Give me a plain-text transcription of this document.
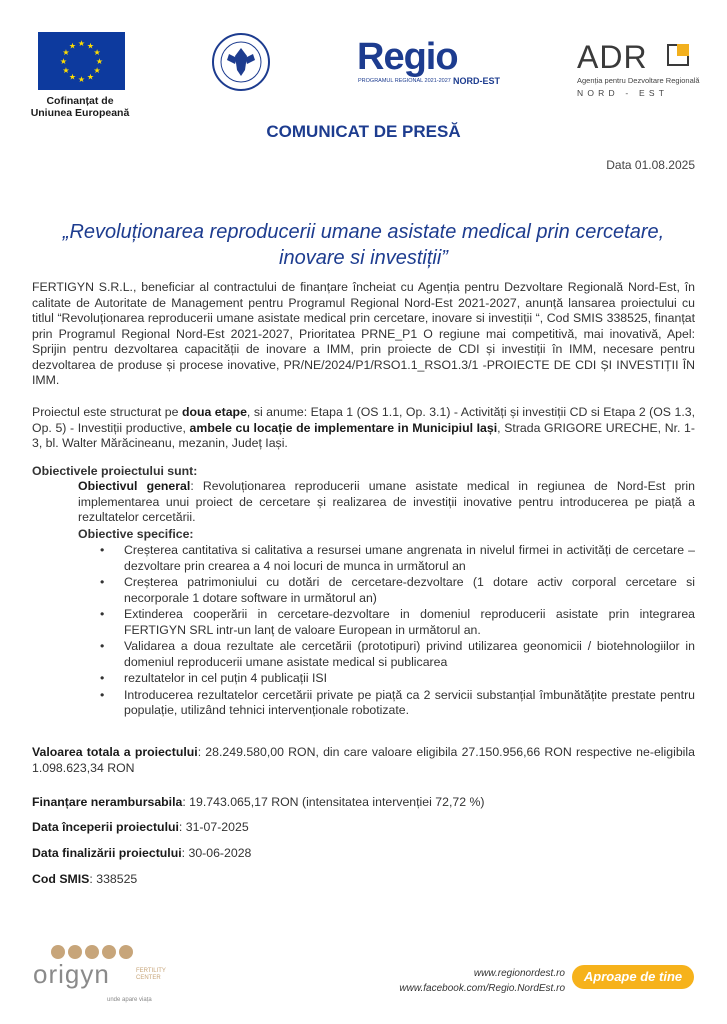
★ ★
★
★
★
★
★
★
★
★
★
★
Cofinanțat de
Uniunea Europeană
Regio
PROGRAMUL REGIONAL 2021-2027 NORD-EST
ADR
Agenția pentru Dezvoltare Regională
NORD - EST
COMUNICAT DE PRESĂ
Data 01.08.2025
„Revoluționarea reproducerii umane asistate medical prin cercetare, inovare si investiții”
FERTIGYN S.R.L., beneficiar al contractului de finanțare încheiat cu Agenția pentru Dezvoltare Regională Nord-Est, în calitate de Autoritate de Management pentru Programul Regional Nord-Est 2021-2027, anunță lansarea proiectului cu titlul “Revoluționarea reproducerii umane asistate medical prin cercetare, inovare si investiții “, Cod SMIS 338525, finanțat prin Programul Regional Nord-Est 2021-2027, Prioritatea PRNE_P1 O regiune mai competitivă, mai inovativă, Apel: Sprijin pentru dezvoltarea capacității de inovare a IMM, prin proiecte de CDI și investiții în IMM, necesare pentru dezvoltarea de produse și procese inovative, PR/NE/2024/P1/RSO1.1_RSO1.3/1 -PROIECTE DE CDI ȘI INVESTIȚII ÎN IMM.
Proiectul este structurat pe doua etape, si anume: Etapa 1 (OS 1.1, Op. 3.1) - Activități și investiții CD si Etapa 2 (OS 1.3, Op. 5) - Investiții productive, ambele cu locație de implementare in Municipiul Iași, Strada GRIGORE URECHE, Nr. 1-3, bl. Walter Mărăcineanu, mezanin, Județ Iași.
Obiectivele proiectului sunt:
Obiectivul general: Revoluționarea reproducerii umane asistate medical in regiunea de Nord-Est prin implementarea unui proiect de cercetare și realizarea de investiții inovative pentru introducerea pe piață a rezultatelor cercetării.
Obiective specifice:
• Creșterea cantitativa si calitativa a resursei umane angrenata in nivelul firmei in activități de cercetare – dezvoltare prin crearea a 4 noi locuri de munca in următorul an
• Creșterea patrimoniului cu dotări de cercetare-dezvoltare (1 dotare activ corporal cercetare si necorporale 1 dotare software in următorul an)
• Extinderea cooperării in cercetare-dezvoltare in domeniul reproducerii asistate prin integrarea FERTIGYN SRL intr-un lanț de valoare European in următorul an.
• Validarea a doua rezultate ale cercetării (prototipuri) privind utilizarea geonomicii / biotehnologiilor in domeniul reproducerii umane asistate medical si publicarea
• rezultatelor in cel puțin 4 publicații ISI
• Introducerea rezultatelor cercetării private pe piață ca 2 servicii substanțial îmbunătățite prestate pentru populație, utilizând tehnici intervenționale robotizate.
Valoarea totala a proiectului: 28.249.580,00 RON, din care valoare eligibila 27.150.956,66 RON respective ne-eligibila 1.098.623,34 RON
Finanțare nerambursabila: 19.743.065,17 RON (intensitatea intervenției 72,72 %)
Data începerii proiectului: 31-07-2025
Data finalizării proiectului: 30-06-2028
Cod SMIS: 338525
origyn	FERTILITY
CENTER
unde apare viața
www.regionordest.ro
www.facebook.com/Regio.NordEst.ro
Aproape de tine
